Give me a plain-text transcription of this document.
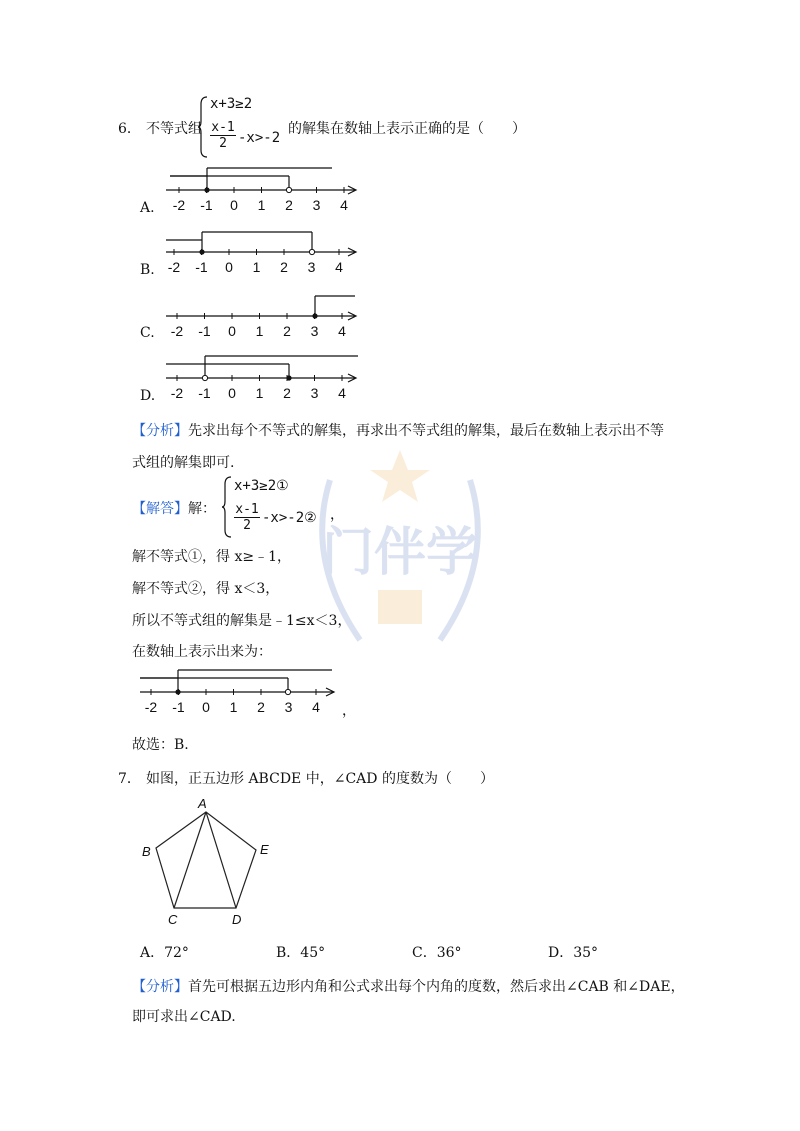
门伴学
6． 不等式组
x+3≥2
$\frac{x-1}{2} -x>-2$
的解集在数轴上表示正确的是（　　）
A.
B.
C.
D.
-2 -1 0 1 2 3 4
-2 -1 0 1 2 3 4
-2 -1 0 1 2 3 4
-2 -1 0 1 2 3 4
【分析】先求出每个不等式的解集，再求出不等式组的解集，最后在数轴上表示出不等
式组的解集即可.
【解答】解：
x+3≥2①
$\frac{x-1}{2}$ -x>-2② ，
解不等式①，得 x≥﹣1，
解不等式②，得 x＜3，
所以不等式组的解集是﹣1≤x＜3，
在数轴上表示出来为：
-2 -1 0 1 2 3 4 ，
故选：B.
7． 如图，正五边形 ABCDE 中，∠CAD 的度数为（　　）
A
B
C	D
E
A．72°	B．45°	C．36°	D．35°
【分析】首先可根据五边形内角和公式求出每个内角的度数，然后求出∠CAB 和∠DAE，
即可求出∠CAD.
